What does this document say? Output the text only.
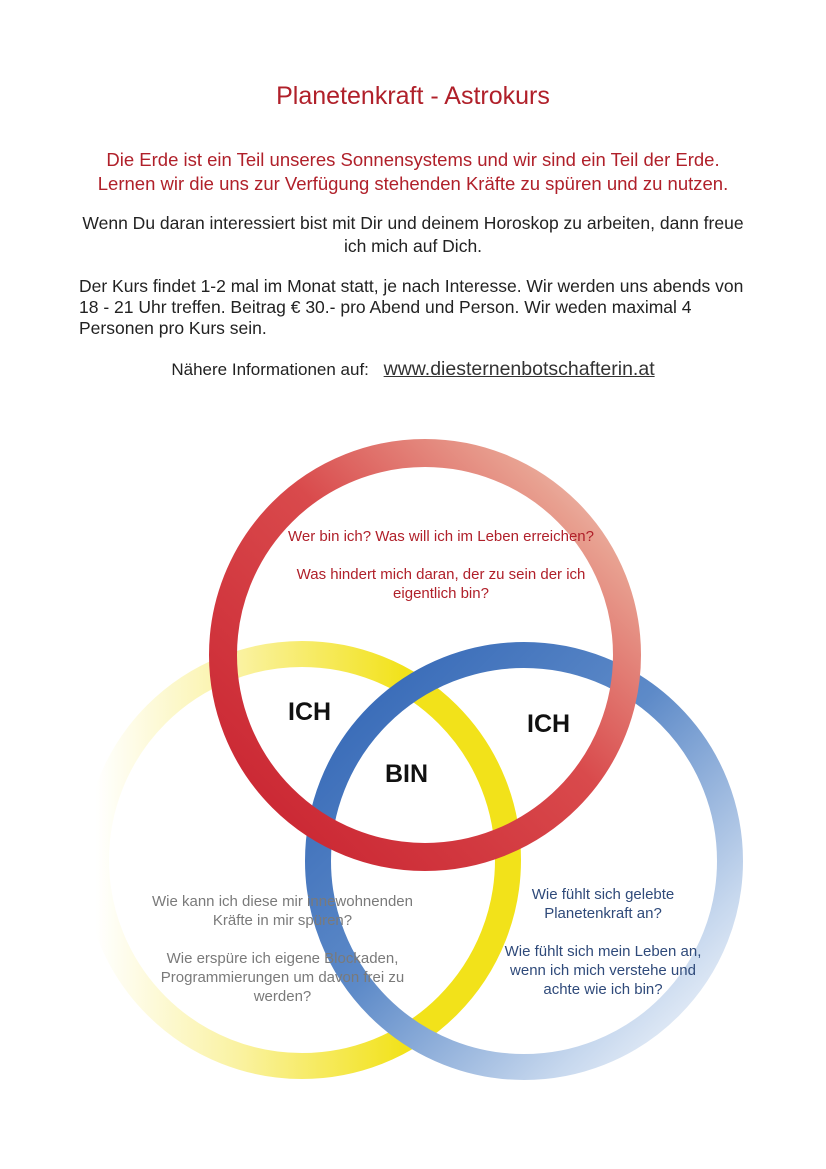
Planetenkraft - Astrokurs
Die Erde ist ein Teil unseres Sonnensystems und wir sind ein Teil der Erde.
Lernen wir die uns zur Verfügung stehenden Kräfte zu spüren und zu nutzen.
Wenn Du daran interessiert bist mit Dir und deinem Horoskop zu arbeiten, dann freue ich mich auf Dich.
Der Kurs findet 1-2 mal im Monat statt, je nach Interesse. Wir werden uns abends von 18 - 21 Uhr treffen. Beitrag € 30.- pro Abend und Person. Wir weden maximal 4 Personen pro Kurs sein.
Nähere Informationen auf: www.diesternenbotschafterin.at

Wer bin ich? Was will ich im Leben erreichen?

Was hindert mich daran, der zu sein der ich eigentlich bin?

Wie kann ich diese mir innewohnenden Kräfte in mir spüren?

Wie erspüre ich eigene Blockaden, Programmierungen um davon frei zu werden?

Wie fühlt sich gelebte Planetenkraft an?

Wie fühlt sich mein Leben an, wenn ich mich verstehe und achte wie ich bin?

ICH	ICH
BIN
